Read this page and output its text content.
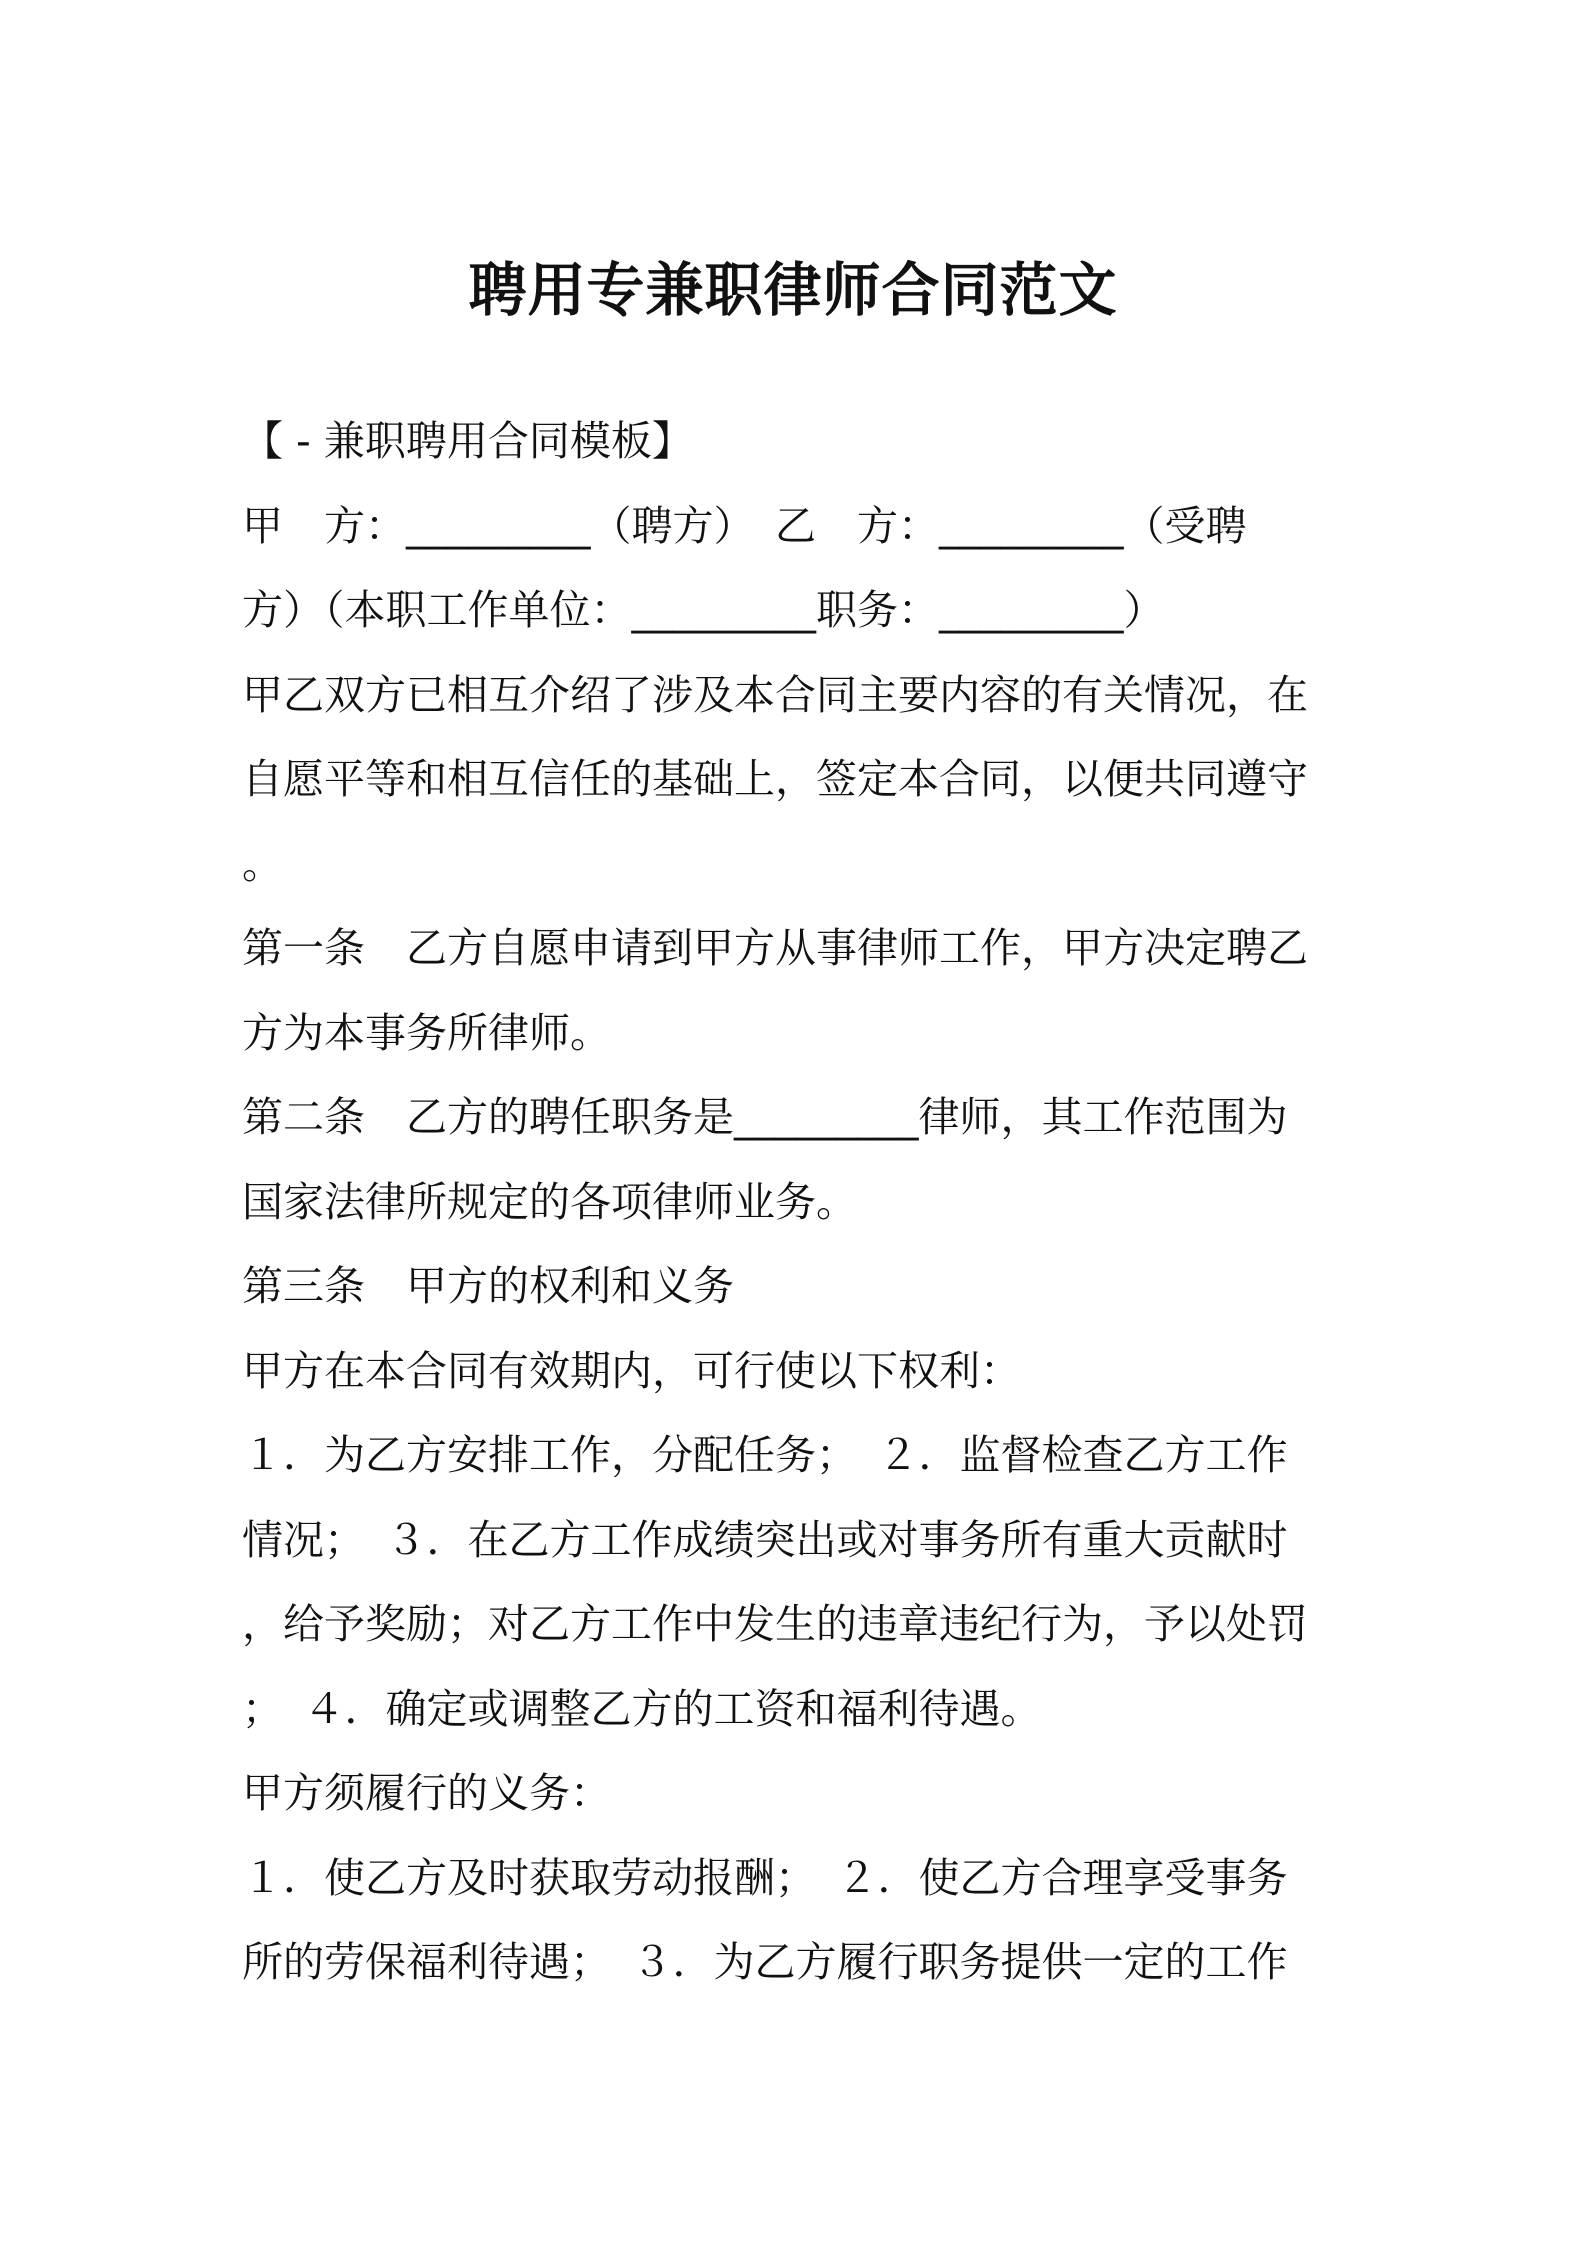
聘用专兼职律师合同范文
【 - 兼职聘用合同模板】
甲　方：_________（聘方）　乙　方：_________（受聘
方）（本职工作单位：_________职务：_________）
甲乙双方已相互介绍了涉及本合同主要内容的有关情况，在
自愿平等和相互信任的基础上，签定本合同，以便共同遵守
。
第一条　乙方自愿申请到甲方从事律师工作，甲方决定聘乙
方为本事务所律师。
第二条　乙方的聘任职务是_________律师，其工作范围为
国家法律所规定的各项律师业务。
第三条　甲方的权利和义务
甲方在本合同有效期内，可行使以下权利：
１．为乙方安排工作，分配任务；　２．监督检查乙方工作
情况；　３．在乙方工作成绩突出或对事务所有重大贡献时
，给予奖励；对乙方工作中发生的违章违纪行为，予以处罚
；　４．确定或调整乙方的工资和福利待遇。
甲方须履行的义务：
１．使乙方及时获取劳动报酬；　２．使乙方合理享受事务
所的劳保福利待遇；　３．为乙方履行职务提供一定的工作
